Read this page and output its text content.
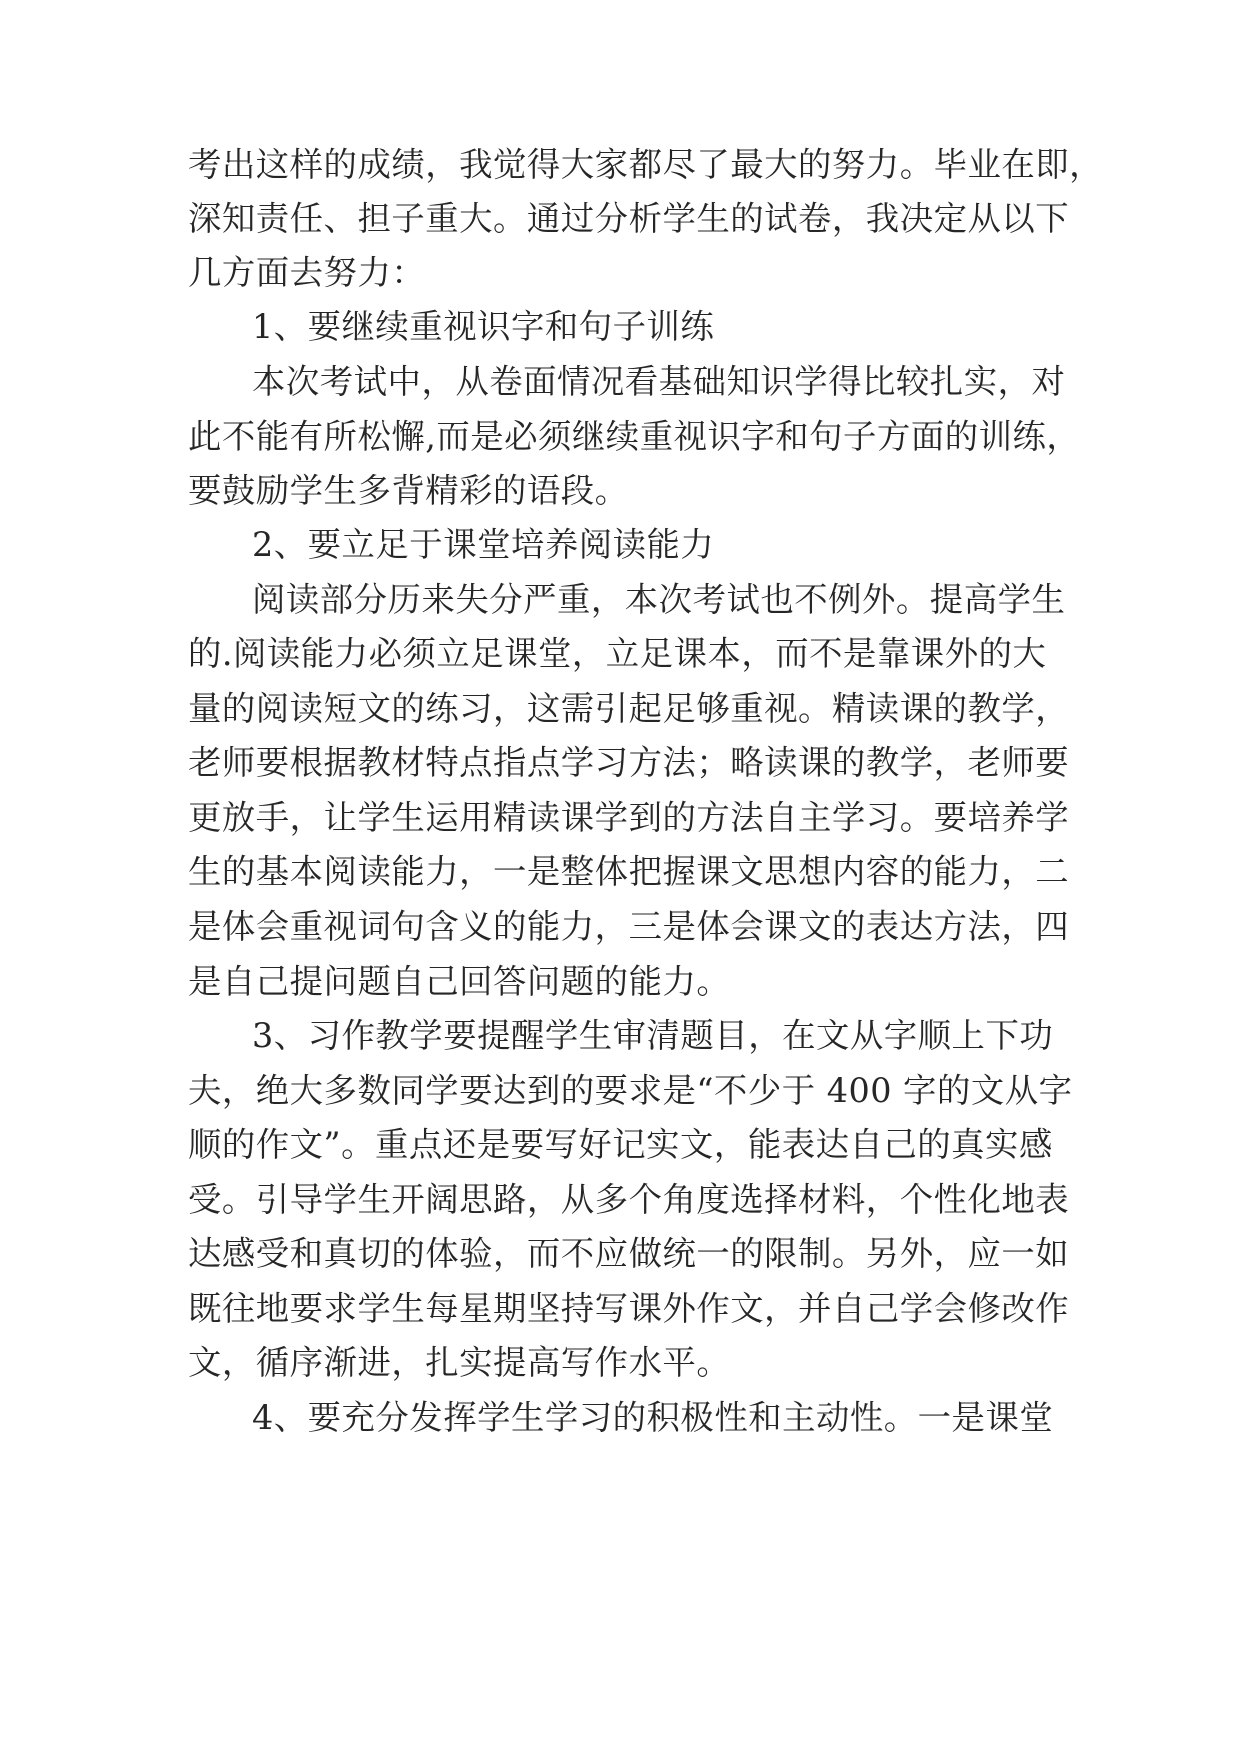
考出这样的成绩，我觉得大家都尽了最大的努力。毕业在即，
深知责任、担子重大。通过分析学生的试卷，我决定从以下
几方面去努力：
1、要继续重视识字和句子训练
本次考试中，从卷面情况看基础知识学得比较扎实，对
此不能有所松懈,而是必须继续重视识字和句子方面的训练，
要鼓励学生多背精彩的语段。
2、要立足于课堂培养阅读能力
阅读部分历来失分严重，本次考试也不例外。提高学生
的.阅读能力必须立足课堂，立足课本，而不是靠课外的大
量的阅读短文的练习，这需引起足够重视。精读课的教学，
老师要根据教材特点指点学习方法；略读课的教学，老师要
更放手，让学生运用精读课学到的方法自主学习。要培养学
生的基本阅读能力，一是整体把握课文思想内容的能力，二
是体会重视词句含义的能力，三是体会课文的表达方法，四
是自己提问题自己回答问题的能力。
3、习作教学要提醒学生审清题目，在文从字顺上下功
夫，绝大多数同学要达到的要求是“不少于 400 字的文从字
顺的作文”。重点还是要写好记实文，能表达自己的真实感
受。引导学生开阔思路，从多个角度选择材料，个性化地表
达感受和真切的体验，而不应做统一的限制。另外，应一如
既往地要求学生每星期坚持写课外作文，并自己学会修改作
文，循序渐进，扎实提高写作水平。
4、要充分发挥学生学习的积极性和主动性。一是课堂
